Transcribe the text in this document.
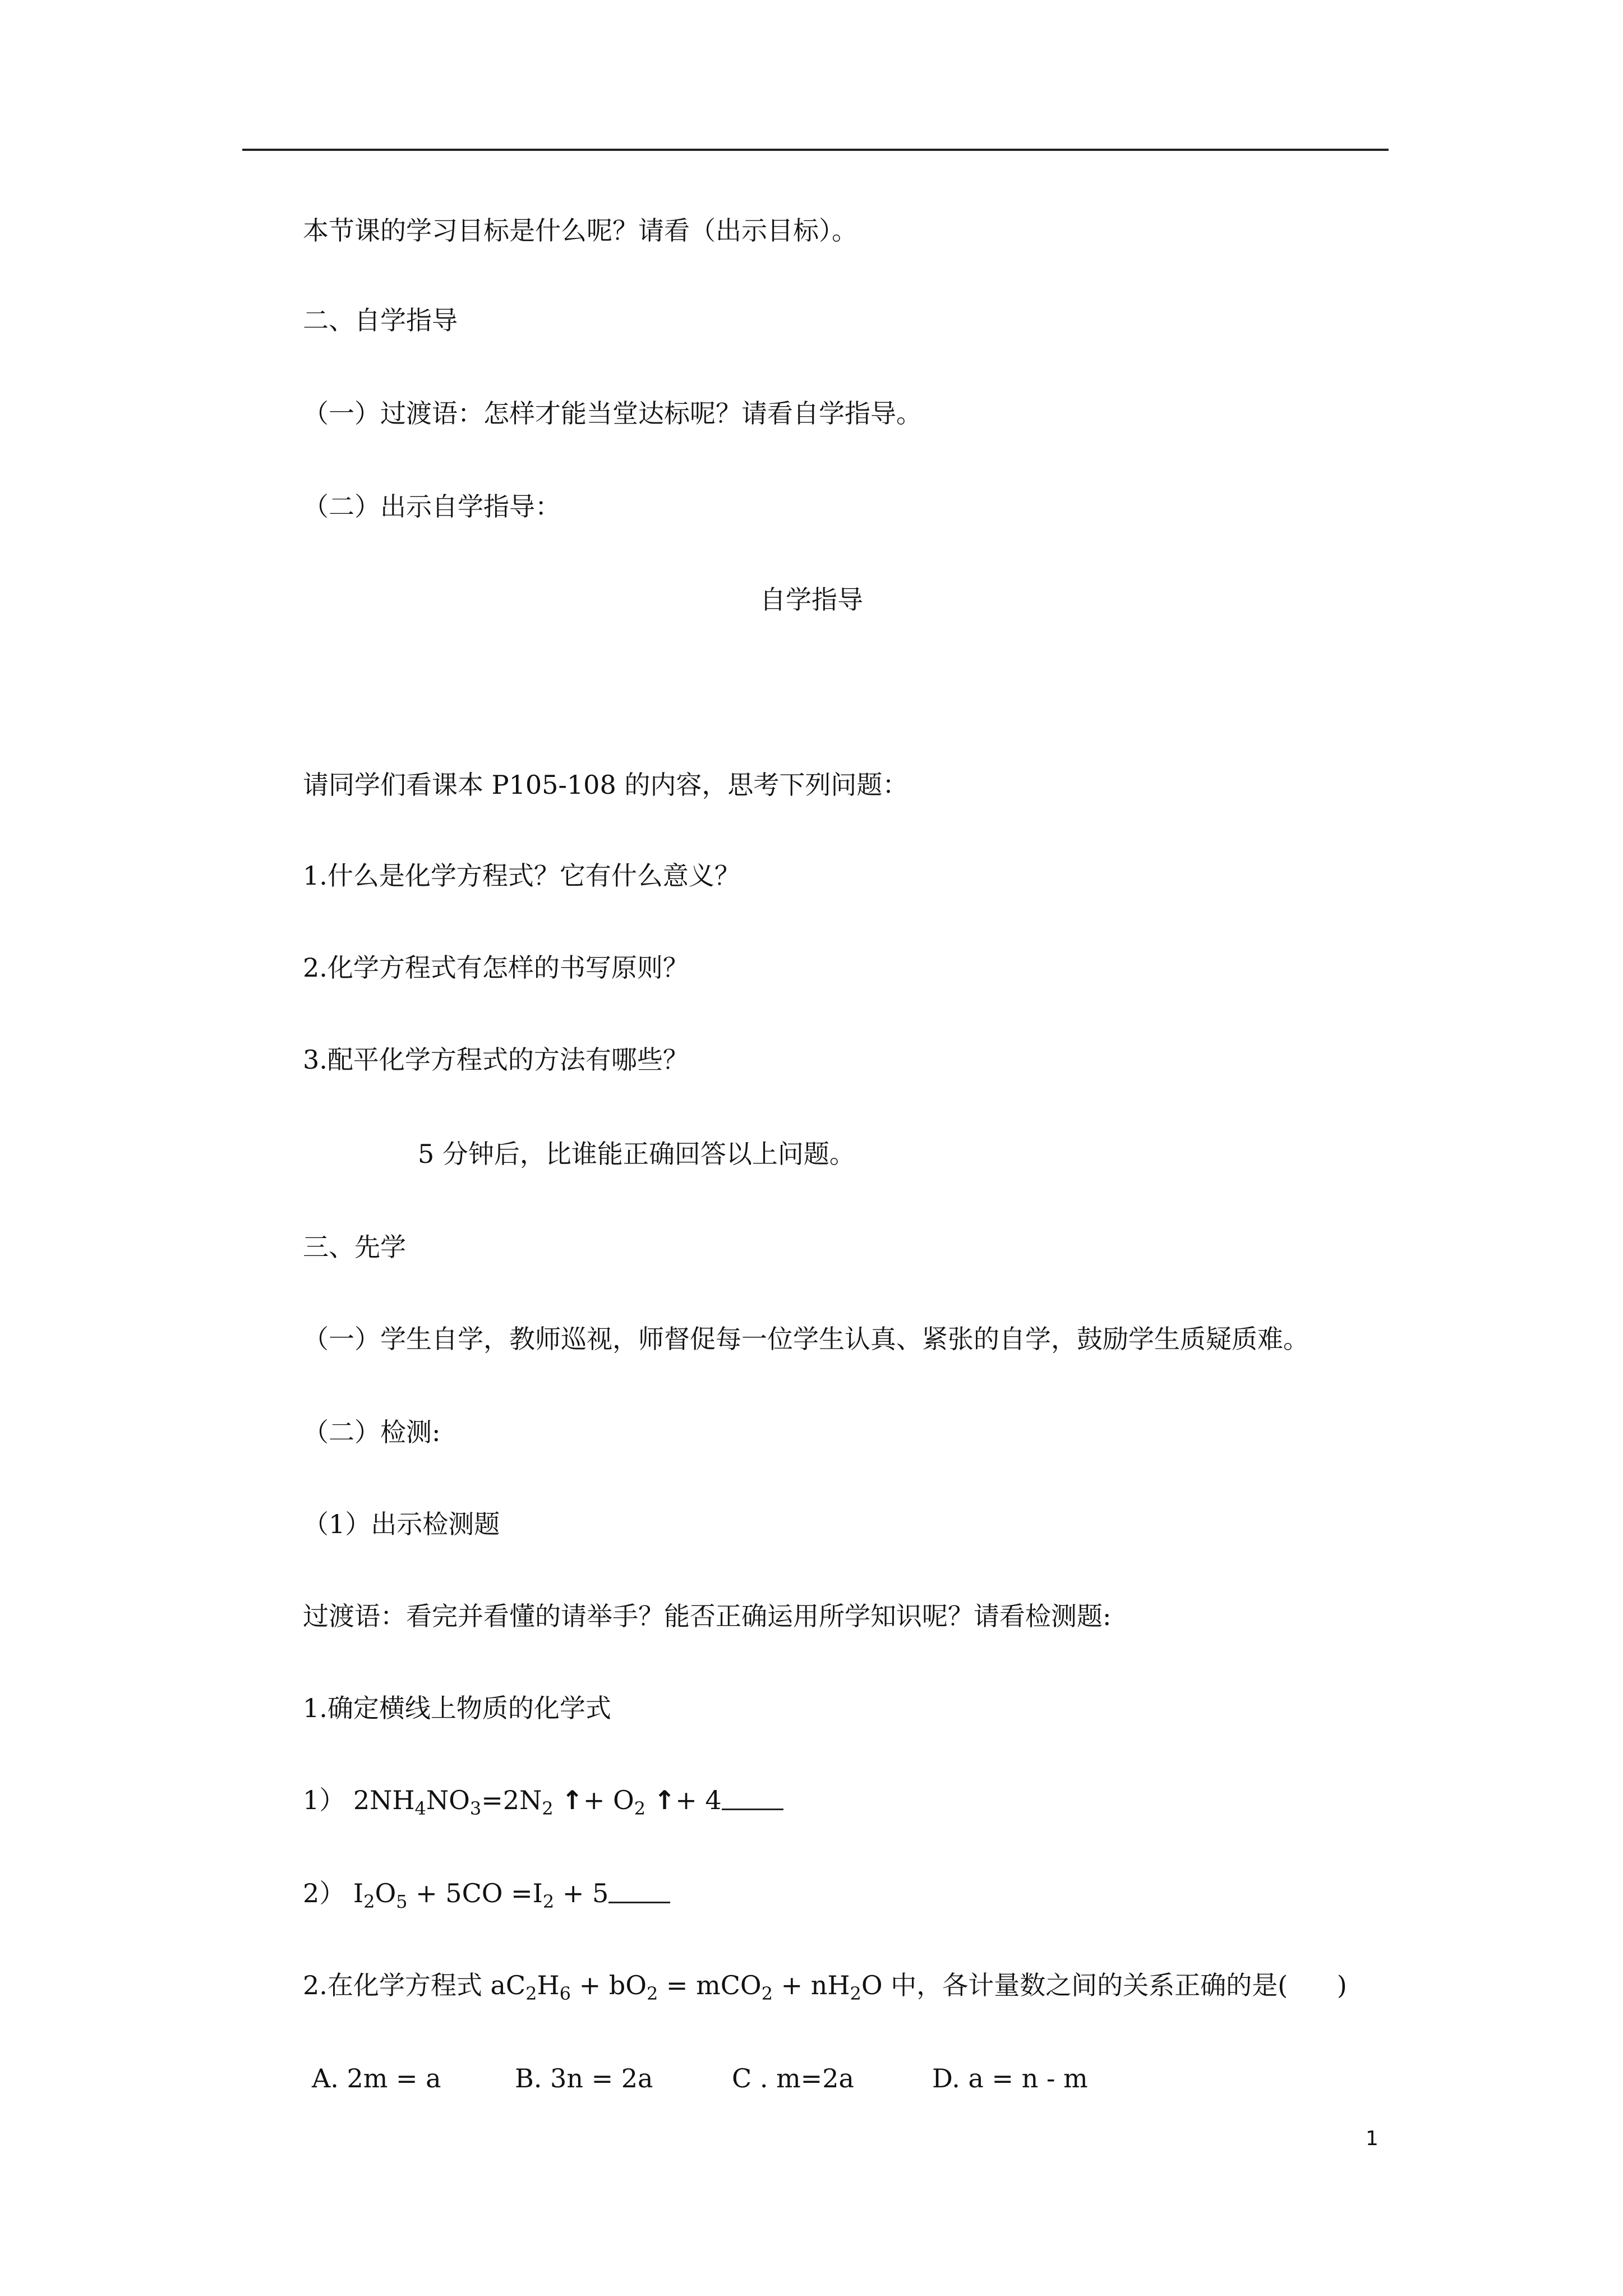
本节课的学习目标是什么呢？请看（出示目标）。
二、自学指导
（一）过渡语：怎样才能当堂达标呢？请看自学指导。
（二）出示自学指导：
自学指导
请同学们看课本 P105-108 的内容，思考下列问题：
1.什么是化学方程式？它有什么意义？
2.化学方程式有怎样的书写原则？
3.配平化学方程式的方法有哪些？
5 分钟后，比谁能正确回答以上问题。
三、先学
（一）学生自学，教师巡视，师督促每一位学生认真、紧张的自学，鼓励学生质疑质难。
（二）检测:
（1）出示检测题
过渡语：看完并看懂的请举手？能否正确运用所学知识呢？请看检测题:
1.确定横线上物质的化学式
1） $2NH_4NO_3=2N_2$ ↑+ $O_2$ ↑+ 4
2） $I_2O_5 + 5CO =I_2 + 5$
2.在化学方程式 $aC_2H_6 + bO_2 = mCO_2 + nH_2O$ 中，各计量数之间的关系正确的是( )
A. 2m = a	B. 3n = 2a	C . m=2a	D. a = n - m
1
